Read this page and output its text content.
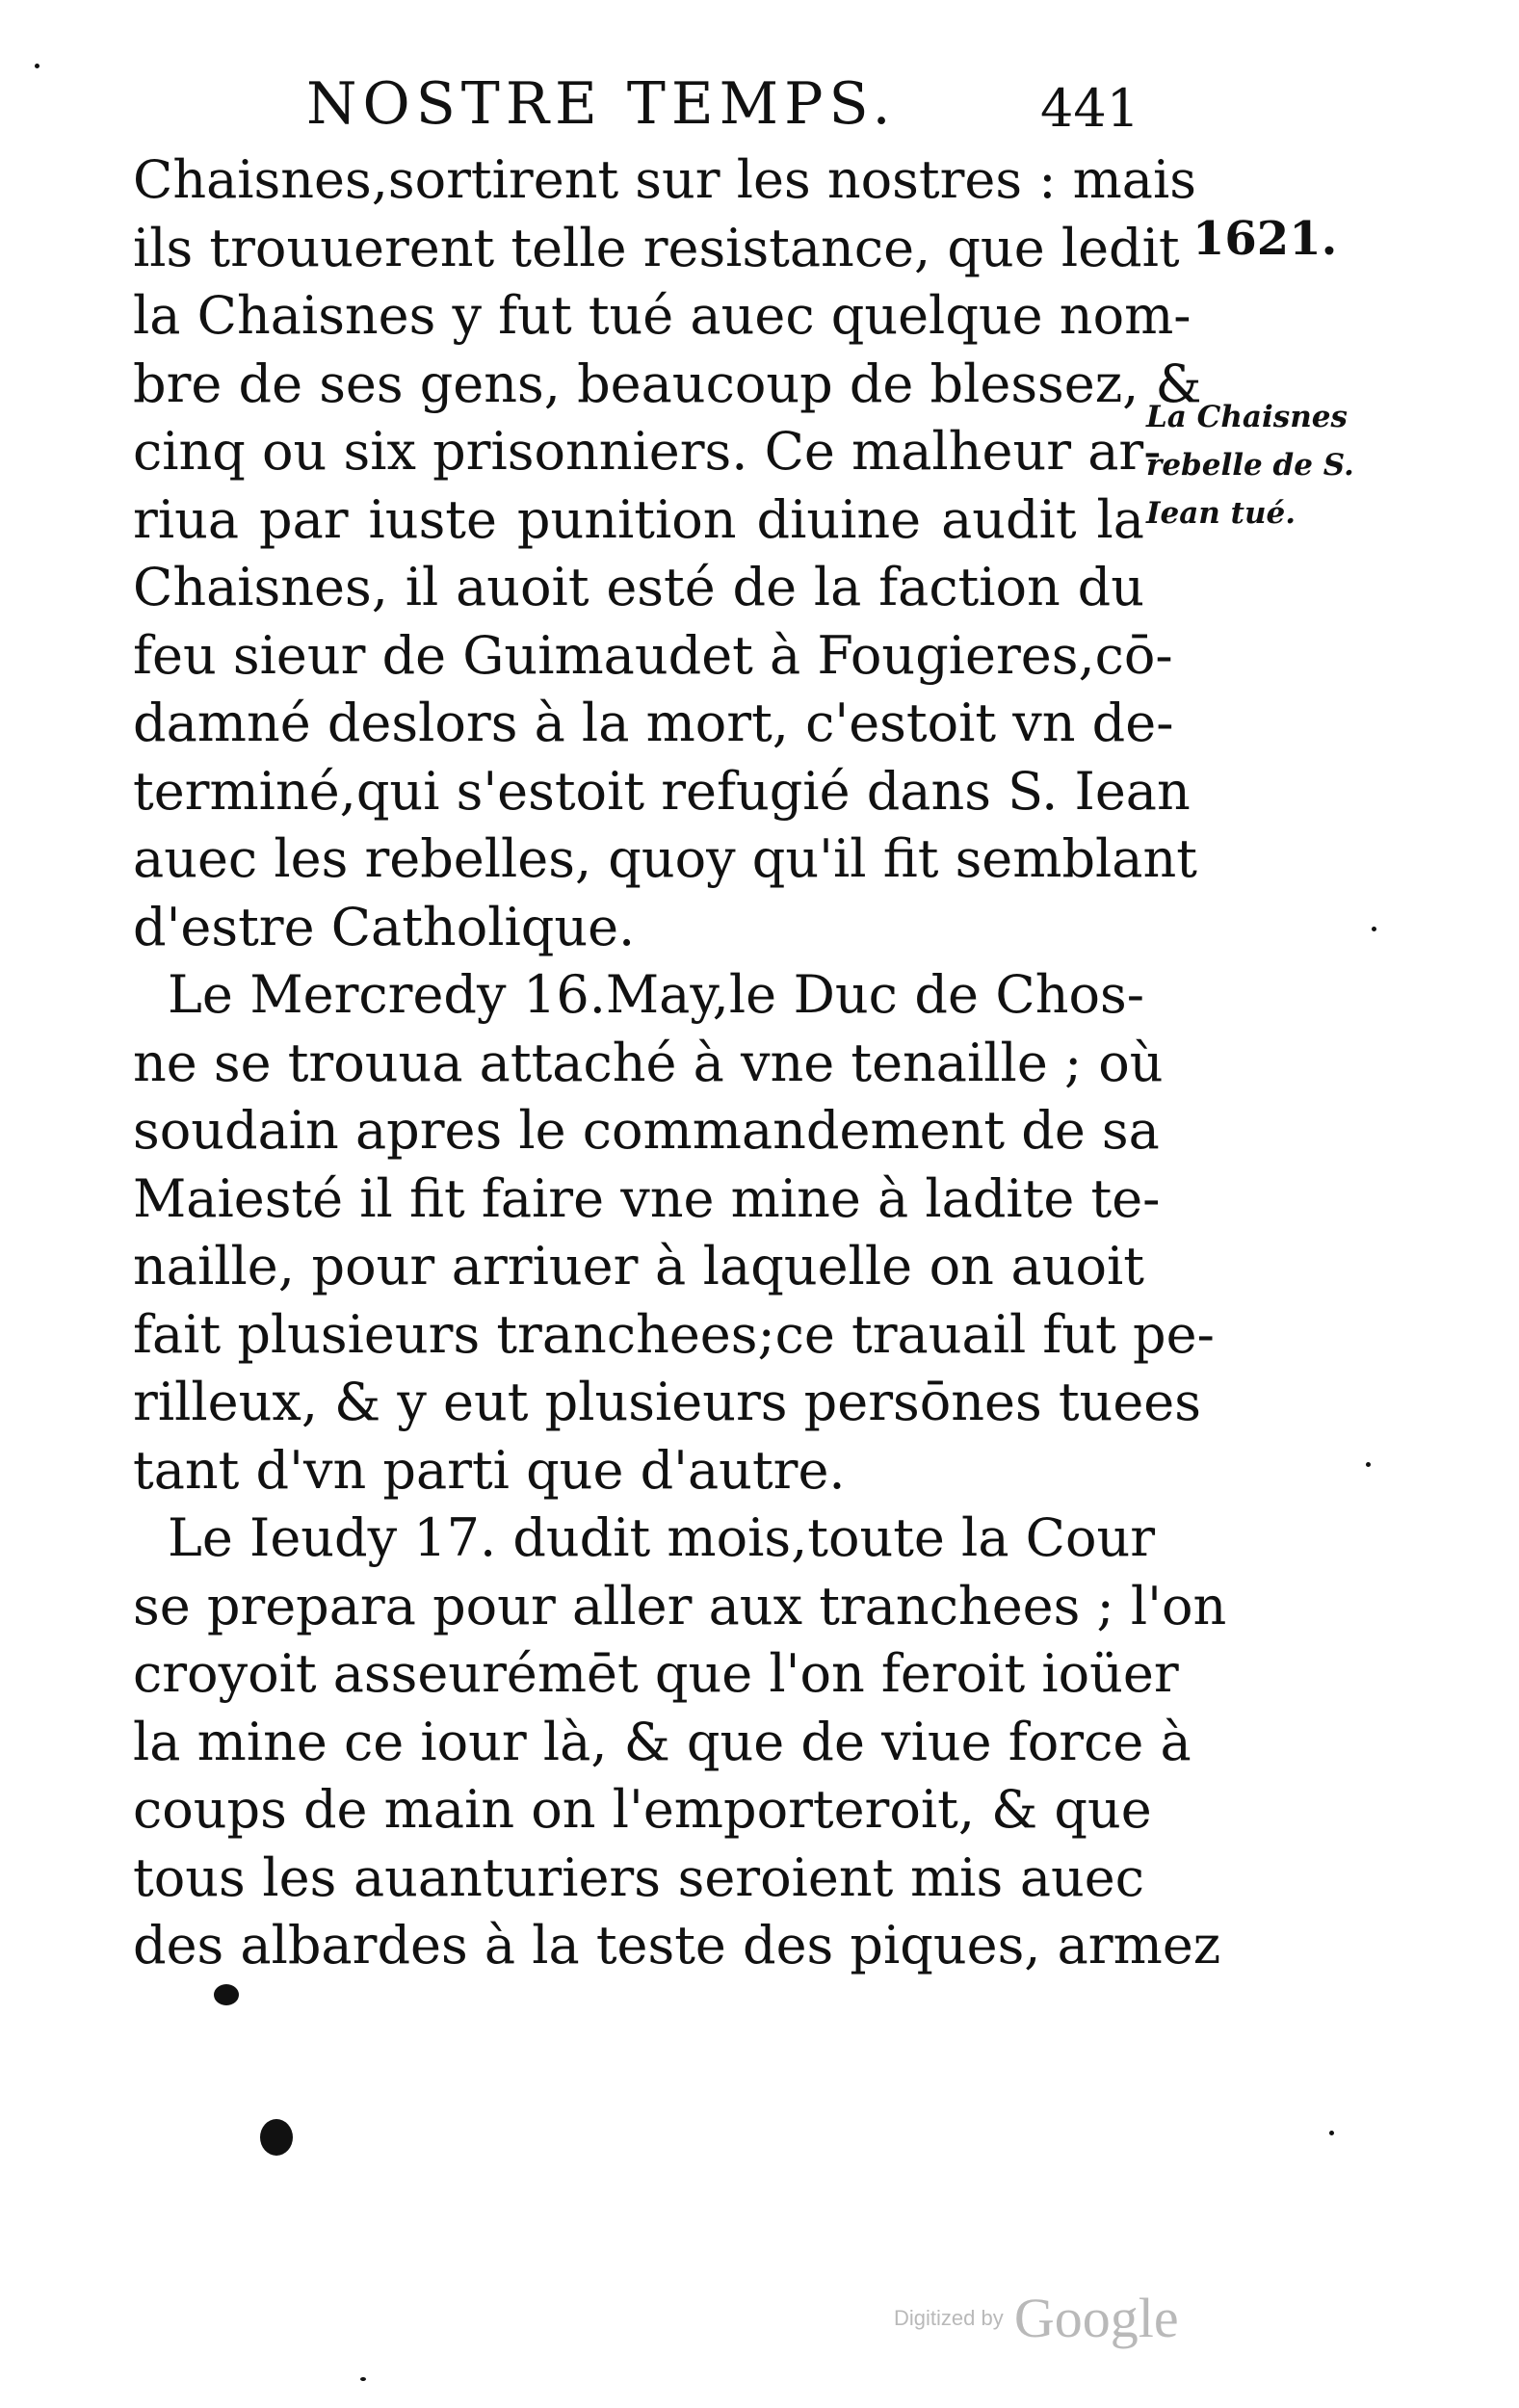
NOSTRE TEMPS.	441
Chaisnes,sortirent sur les nostres : mais
ils trouuerent telle resistance, que ledit
la Chaisnes y fut tué auec quelque nom-
bre de ses gens, beaucoup de blessez, &
cinq ou six prisonniers. Ce malheur ar-
riua par iuste punition diuine audit la
Chaisnes, il auoit esté de la faction du
feu sieur de Guimaudet à Fougieres,cō-
damné deslors à la mort, c'estoit vn de-
terminé,qui s'estoit refugié dans S. Iean
auec les rebelles, quoy qu'il fit semblant
d'estre Catholique.
Le Mercredy 16.May,le Duc de Chos-
ne se trouua attaché à vne tenaille ; où
soudain apres le commandement de sa
Maiesté il fit faire vne mine à ladite te-
naille, pour arriuer à laquelle on auoit
fait plusieurs tranchees;ce trauail fut pe-
rilleux, & y eut plusieurs persōnes tuees
tant d'vn parti que d'autre.
Le Ieudy 17. dudit mois,toute la Cour
se prepara pour aller aux tranchees ; l'on
croyoit asseurémēt que l'on feroit ioüer
la mine ce iour là, & que de viue force à
coups de main on l'emporteroit, & que
tous les auanturiers seroient mis auec
des albardes à la teste des piques, armez
1621.
La Chaisnes
rebelle de S.
Iean tué.
Digitized by Google
